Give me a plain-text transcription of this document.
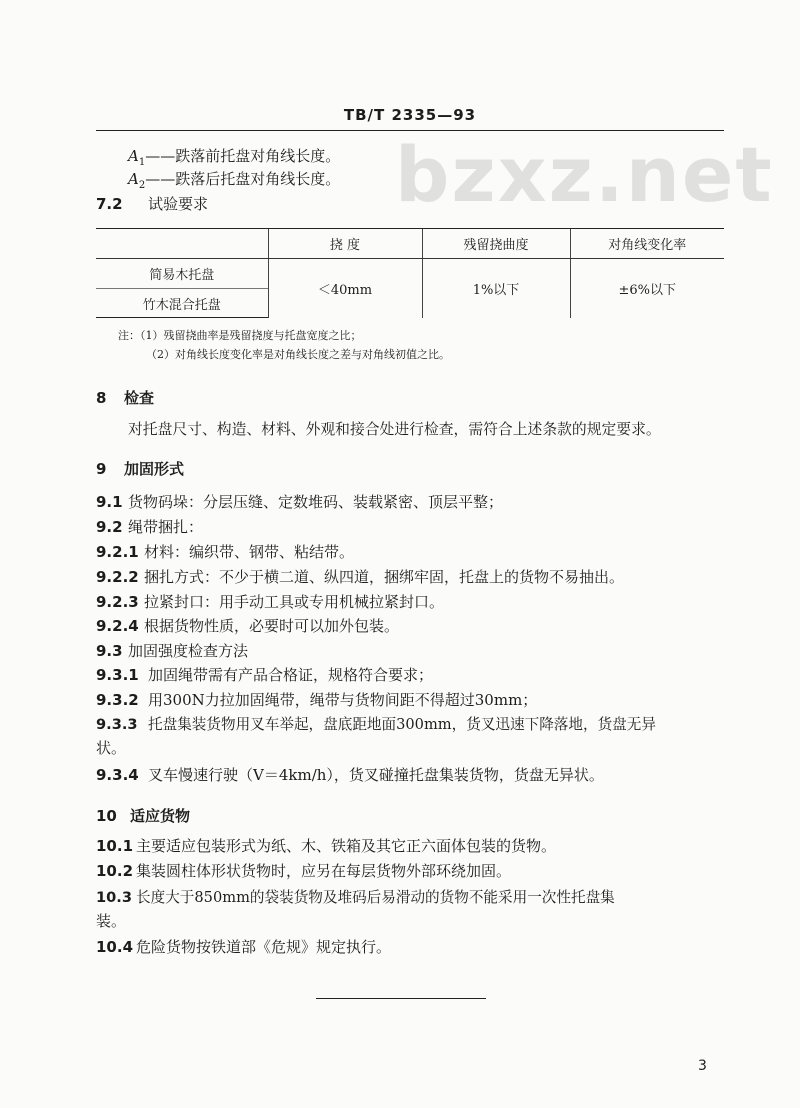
bzxz.net
TB/T 2335—93
$A_1——$跌落前托盘对角线长度。
$A_2——$跌落后托盘对角线长度。
7.2 试验要求
	挠 度	残留挠曲度	对角线变化率
简易木托盘	＜40mm	1%以下	±6%以下
竹木混合托盘			
注：（1）残留挠曲率是残留挠度与托盘宽度之比；
（2）对角线长度变化率是对角线长度之差与对角线初值之比。
8 检查
对托盘尺寸、构造、材料、外观和接合处进行检查，需符合上述条款的规定要求。
9 加固形式
9.1 货物码垛：分层压缝、定数堆码、装载紧密、顶层平整；
9.2 绳带捆扎：
9.2.1 材料：编织带、钢带、粘结带。
9.2.2 捆扎方式：不少于横二道、纵四道，捆绑牢固，托盘上的货物不易抽出。
9.2.3 拉紧封口：用手动工具或专用机械拉紧封口。
9.2.4 根据货物性质，必要时可以加外包装。
9.3 加固强度检查方法
9.3.1 加固绳带需有产品合格证，规格符合要求；
9.3.2 用300N力拉加固绳带，绳带与货物间距不得超过30mm；
9.3.3 托盘集装货物用叉车举起，盘底距地面300mm，货叉迅速下降落地，货盘无异
状。
9.3.4 叉车慢速行驶（V＝4km/h），货叉碰撞托盘集装货物，货盘无异状。
10 适应货物
10.1 主要适应包装形式为纸、木、铁箱及其它正六面体包装的货物。
10.2 集装圆柱体形状货物时，应另在每层货物外部环绕加固。
10.3 长度大于850mm的袋装货物及堆码后易滑动的货物不能采用一次性托盘集
装。
10.4 危险货物按铁道部《危规》规定执行。
3
